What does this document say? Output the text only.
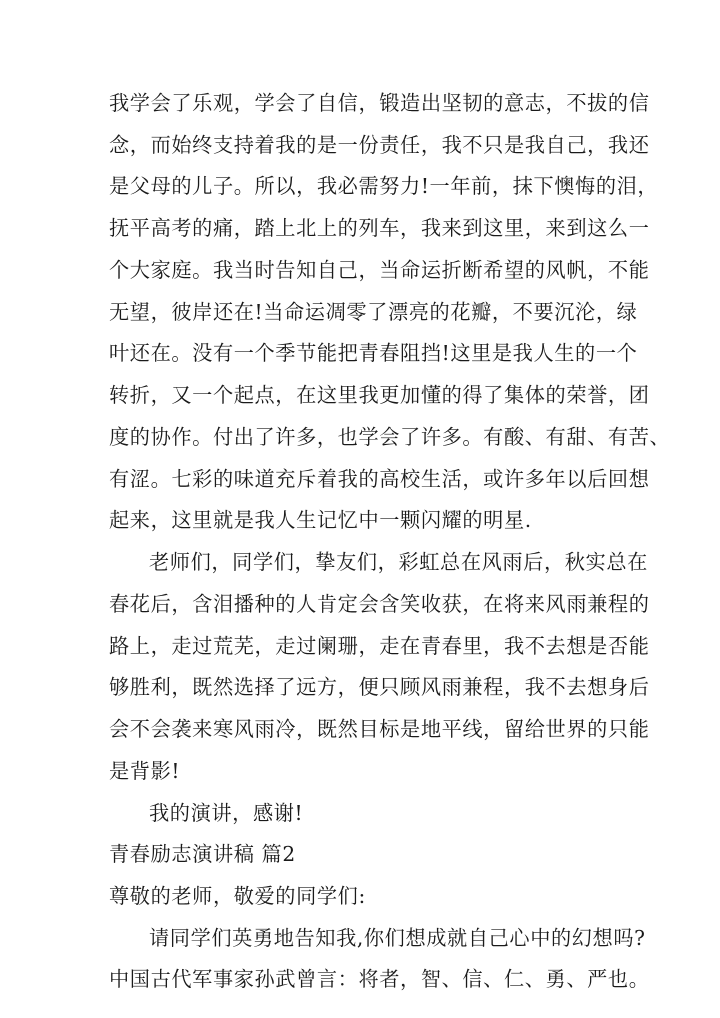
我学会了乐观，学会了自信，锻造出坚韧的意志，不拔的信
念，而始终支持着我的是一份责任，我不只是我自己，我还
是父母的儿子。所以，我必需努力!一年前，抹下懊悔的泪，
抚平高考的痛，踏上北上的列车，我来到这里，来到这么一
个大家庭。我当时告知自己，当命运折断希望的风帆，不能
无望，彼岸还在!当命运凋零了漂亮的花瓣，不要沉沦，绿
叶还在。没有一个季节能把青春阻挡!这里是我人生的一个
转折，又一个起点，在这里我更加懂的得了集体的荣誉，团
度的协作。付出了许多，也学会了许多。有酸、有甜、有苦、
有涩。七彩的味道充斥着我的高校生活，或许多年以后回想
起来，这里就是我人生记忆中一颗闪耀的明星.
老师们，同学们，挚友们，彩虹总在风雨后，秋实总在
春花后，含泪播种的人肯定会含笑收获，在将来风雨兼程的
路上，走过荒芜，走过阑珊，走在青春里，我不去想是否能
够胜利，既然选择了远方，便只顾风雨兼程，我不去想身后
会不会袭来寒风雨冷，既然目标是地平线，留给世界的只能
是背影!
我的演讲，感谢!
青春励志演讲稿 篇2
尊敬的老师，敬爱的同学们:
请同学们英勇地告知我,你们想成就自己心中的幻想吗?
中国古代军事家孙武曾言：将者，智、信、仁、勇、严也。
